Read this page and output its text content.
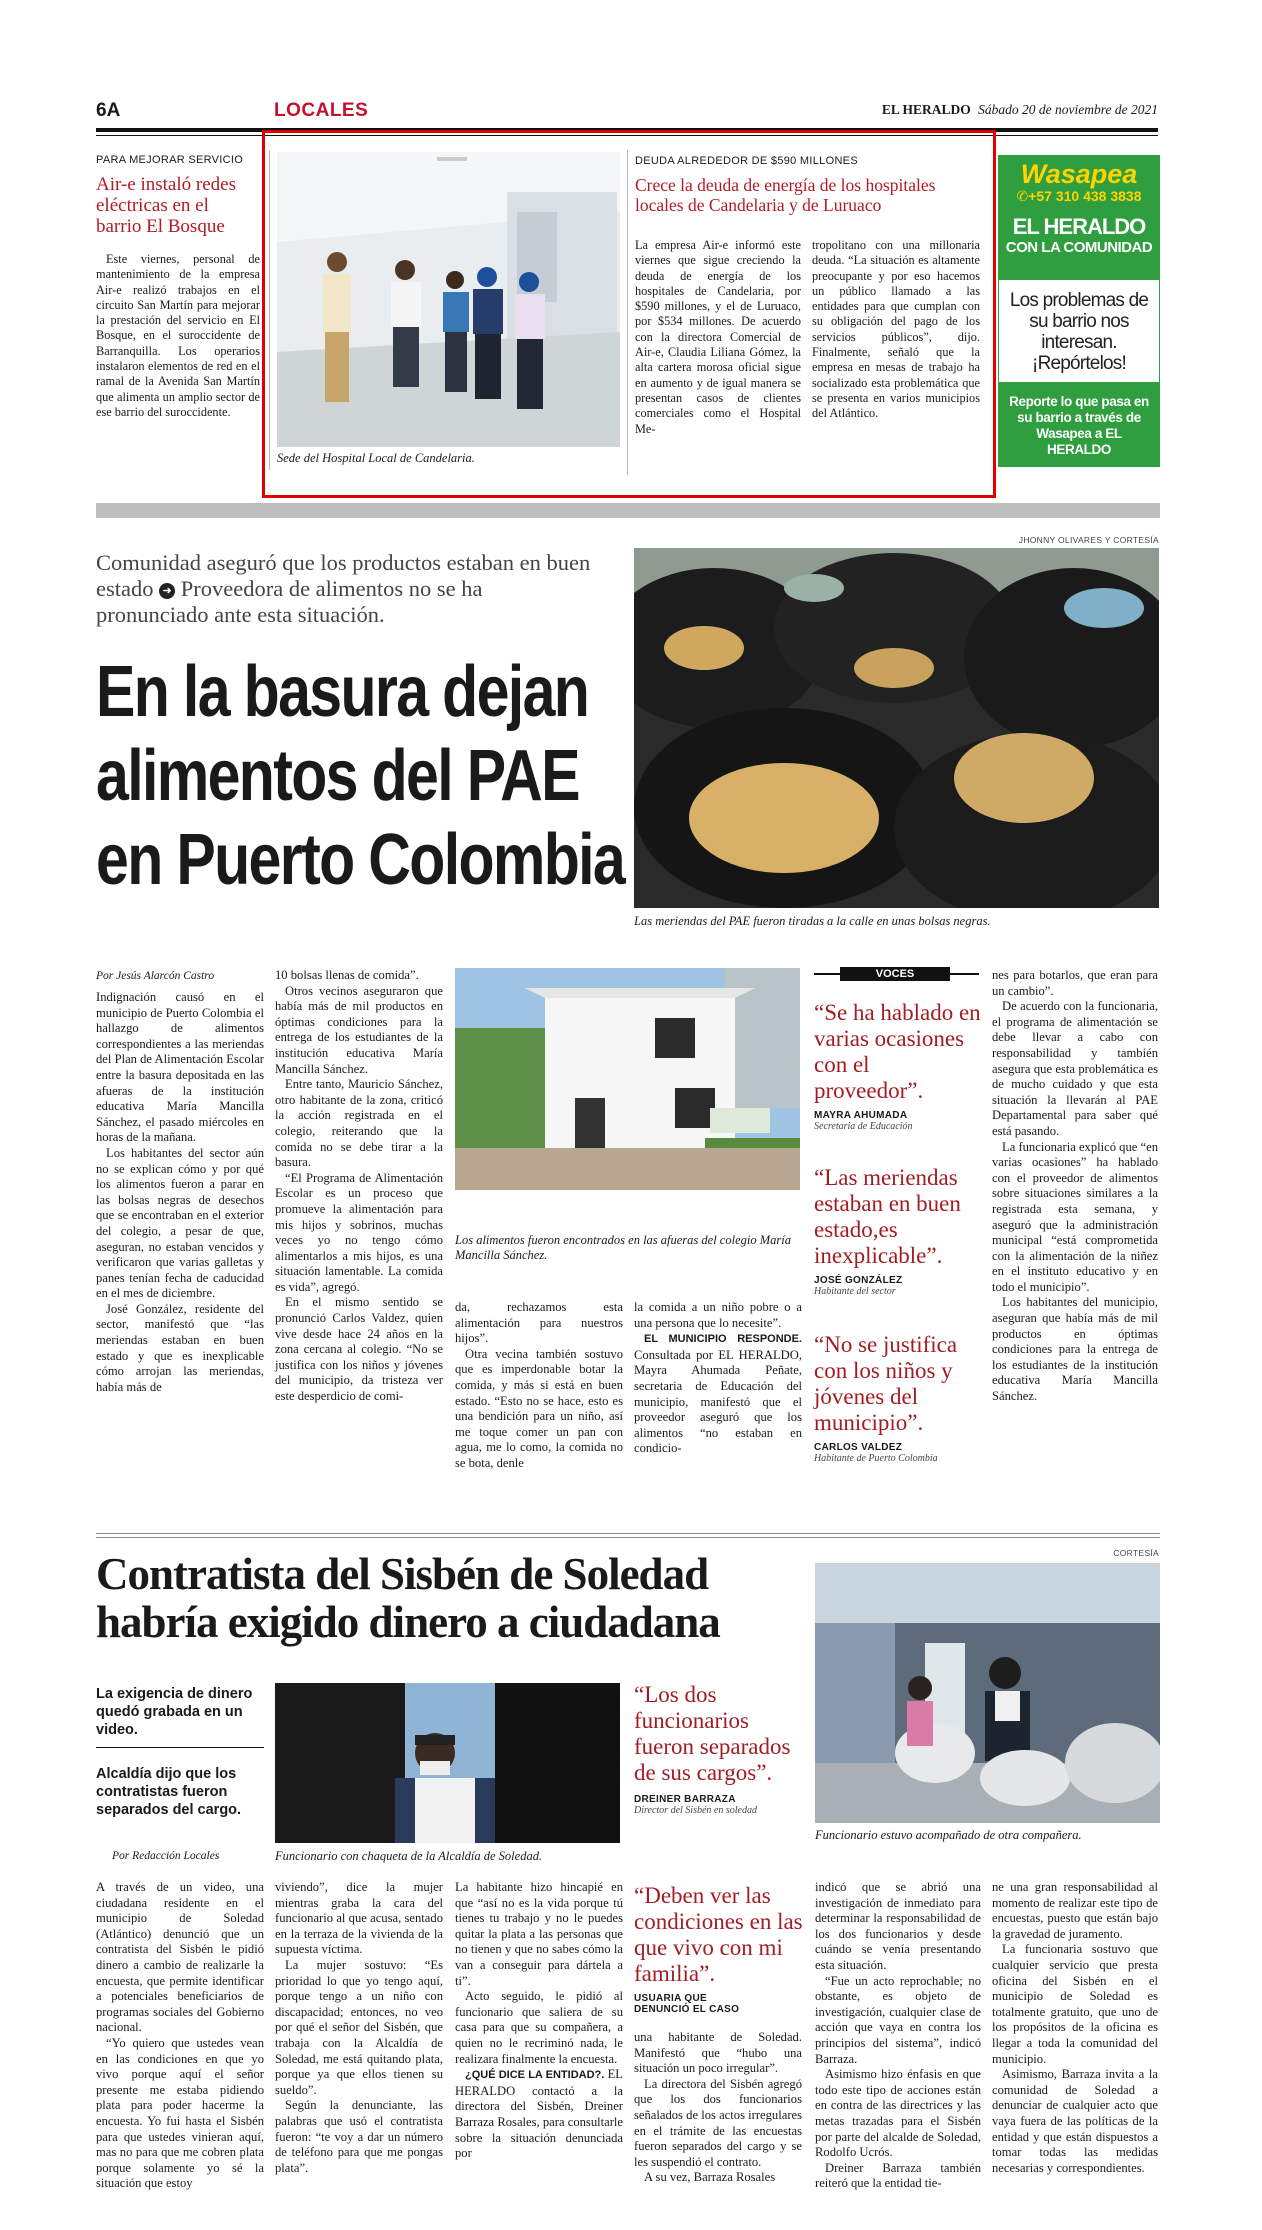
6A	LOCALES	EL HERALDO Sábado 20 de noviembre de 2021
PARA MEJORAR SERVICIO
Air-e instaló redes eléctricas en el barrio El Bosque

Este viernes, personal de mantenimiento de la empresa Air-e realizó trabajos en el circuito San Martín para mejorar la prestación del servicio en El Bosque, en el suroccidente de Barranquilla. Los operarios instalaron elementos de red en el ramal de la Avenida San Martín que alimenta un amplio sector de ese barrio del suroccidente.

Sede del Hospital Local de Candelaria.
DEUDA ALREDEDOR DE $590 MILLONES
Crece la deuda de energía de los hospitales locales de Candelaria y de Luruaco

La empresa Air-e informó este viernes que sigue creciendo la deuda de energía de los hospitales de Candelaria, por $590 millones, y el de Luruaco, por $534 millones. De acuerdo con la directora Comercial de Air-e, Claudia Liliana Gómez, la alta cartera morosa oficial sigue en aumento y de igual manera se presentan casos de clientes comerciales como el Hospital Me-

tropolitano con una millonaria deuda. “La situación es altamente preocupante y por eso hacemos un público llamado a las entidades para que cumplan con su obligación del pago de los servicios públicos”, dijo. Finalmente, señaló que la empresa en mesas de trabajo ha socializado esta problemática que se presenta en varios municipios del Atlántico.

Wasapea
✆+57 310 438 3838
EL HERALDO
CON LA COMUNIDAD
Los problemas de su barrio nos interesan. ¡Repórtelos!
Reporte lo que pasa en su barrio a través de Wasapea a EL HERALDO
Comunidad aseguró que los productos estaban en buen estado ➜ Proveedora de alimentos no se ha pronunciado ante esta situación.
En la basura dejan
alimentos del PAE
en Puerto Colombia
JHONNY OLIVARES Y CORTESÍA
Las meriendas del PAE fueron tiradas a la calle en unas bolsas negras.
Por Jesús Alarcón Castro

Indignación causó en el municipio de Puerto Colombia el hallazgo de alimentos correspondientes a las meriendas del Plan de Alimentación Escolar entre la basura depositada en las afueras de la institución educativa María Mancilla Sánchez, el pasado miércoles en horas de la mañana.

Los habitantes del sector aún no se explican cómo y por qué los alimentos fueron a parar en las bolsas negras de desechos que se encontraban en el exterior del colegio, a pesar de que, aseguran, no estaban vencidos y verificaron que varias galletas y panes tenían fecha de caducidad en el mes de diciembre.

José González, residente del sector, manifestó que “las meriendas estaban en buen estado y que es inexplicable cómo arrojan las meriendas, había más de

10 bolsas llenas de comida”.

Otros vecinos aseguraron que había más de mil productos en óptimas condiciones para la entrega de los estudiantes de la institución educativa María Mancilla Sánchez.

Entre tanto, Mauricio Sánchez, otro habitante de la zona, criticó la acción registrada en el colegio, reiterando que la comida no se debe tirar a la basura.

“El Programa de Alimentación Escolar es un proceso que promueve la alimentación para mis hijos y sobrinos, muchas veces yo no tengo cómo alimentarlos a mis hijos, es una situación lamentable. La comida es vida”, agregó.

En el mismo sentido se pronunció Carlos Valdez, quien vive desde hace 24 años en la zona cercana al colegio. “No se justifica con los niños y jóvenes del municipio, da tristeza ver este desperdicio de comi-

Los alimentos fueron encontrados en las afueras del colegio María Mancilla Sánchez.

da, rechazamos esta alimentación para nuestros hijos”.

Otra vecina también sostuvo que es imperdonable botar la comida, y más si está en buen estado. “Esto no se hace, esto es una bendición para un niño, así me toque comer un pan con agua, me lo como, la comida no se bota, denle

la comida a un niño pobre o a una persona que lo necesite”.

EL MUNICIPIO RESPONDE. Consultada por EL HERALDO, Mayra Ahumada Peñate, secretaria de Educación del municipio, manifestó que el proveedor aseguró que los alimentos “no estaban en condicio-

VOCES
“Se ha hablado en varias ocasiones con el proveedor”.
MAYRA AHUMADA
Secretaria de Educación
“Las meriendas estaban en buen estado,es inexplicable”.
JOSÉ GONZÁLEZ
Habitante del sector
“No se justifica con los niños y jóvenes del municipio”.
CARLOS VALDEZ
Habitante de Puerto Colombia

nes para botarlos, que eran para un cambio”.

De acuerdo con la funcionaria, el programa de alimentación se debe llevar a cabo con responsabilidad y también asegura que esta problemática es de mucho cuidado y que esta situación la llevarán al PAE Departamental para saber qué está pasando.

La funcionaria explicó que “en varias ocasiones” ha hablado con el proveedor de alimentos sobre situaciones similares a la registrada esta semana, y aseguró que la administración municipal “está comprometida con la alimentación de la niñez en el instituto educativo y en todo el municipio”.

Los habitantes del municipio, aseguran que había más de mil productos en óptimas condiciones para la entrega de los estudiantes de la institución educativa María Mancilla Sánchez.

Contratista del Sisbén de Soledad
habría exigido dinero a ciudadana
CORTESÍA
Funcionario estuvo acompañado de otra compañera.
La exigencia de dinero quedó grabada en un video.
Alcaldía dijo que los contratistas fueron separados del cargo.
Por Redacción Locales	Funcionario con chaqueta de la Alcaldía de Soledad.
“Los dos funcionarios fueron separados de sus cargos”.
DREINER BARRAZA
Director del Sisbén en soledad
“Deben ver las condiciones en las que vivo con mi familia”.
USUARIA QUE
DENUNCIÓ EL CASO

A través de un video, una ciudadana residente en el municipio de Soledad (Atlántico) denunció que un contratista del Sisbén le pidió dinero a cambio de realizarle la encuesta, que permite identificar a potenciales beneficiarios de programas sociales del Gobierno nacional.

“Yo quiero que ustedes vean en las condiciones en que yo vivo porque aquí el señor presente me estaba pidiendo plata para poder hacerme la encuesta. Yo fui hasta el Sisbén para que ustedes vinieran aquí, mas no para que me cobren plata porque solamente yo sé la situación que estoy

viviendo”, dice la mujer mientras graba la cara del funcionario al que acusa, sentado en la terraza de la vivienda de la supuesta víctima.

La mujer sostuvo: “Es prioridad lo que yo tengo aquí, porque tengo a un niño con discapacidad; entonces, no veo por qué el señor del Sisbén, que trabaja con la Alcaldía de Soledad, me está quitando plata, porque ya que ellos tienen su sueldo”.

Según la denunciante, las palabras que usó el contratista fueron: “te voy a dar un número de teléfono para que me pongas plata”.

La habitante hizo hincapié en que “así no es la vida porque tú tienes tu trabajo y no le puedes quitar la plata a las personas que no tienen y que no sabes cómo la van a conseguir para dártela a ti”.

Acto seguido, le pidió al funcionario que saliera de su casa para que su compañera, a quien no le recriminó nada, le realizara finalmente la encuesta.

¿QUÉ DICE LA ENTIDAD?. EL HERALDO contactó a la directora del Sisbén, Dreiner Barraza Rosales, para consultarle sobre la situación denunciada por

una habitante de Soledad. Manifestó que “hubo una situación un poco irregular”.

La directora del Sisbén agregó que los dos funcionarios señalados de los actos irregulares en el trámite de las encuestas fueron separados del cargo y se les suspendió el contrato.

A su vez, Barraza Rosales

indicó que se abrió una investigación de inmediato para determinar la responsabilidad de los dos funcionarios y desde cuándo se venía presentando esta situación.

“Fue un acto reprochable; no obstante, es objeto de investigación, cualquier clase de acción que vaya en contra los principios del sistema”, indicó Barraza.

Asimismo hizo énfasis en que todo este tipo de acciones están en contra de las directrices y las metas trazadas para el Sisbén por parte del alcalde de Soledad, Rodolfo Ucrós.

Dreiner Barraza también reiteró que la entidad tie-

ne una gran responsabilidad al momento de realizar este tipo de encuestas, puesto que están bajo la gravedad de juramento.

La funcionaria sostuvo que cualquier servicio que presta oficina del Sisbén en el municipio de Soledad es totalmente gratuito, que uno de los propósitos de la oficina es llegar a toda la comunidad del municipio.

Asimismo, Barraza invita a la comunidad de Soledad a denunciar de cualquier acto que vaya fuera de las políticas de la entidad y que están dispuestos a tomar todas las medidas necesarias y correspondientes.
